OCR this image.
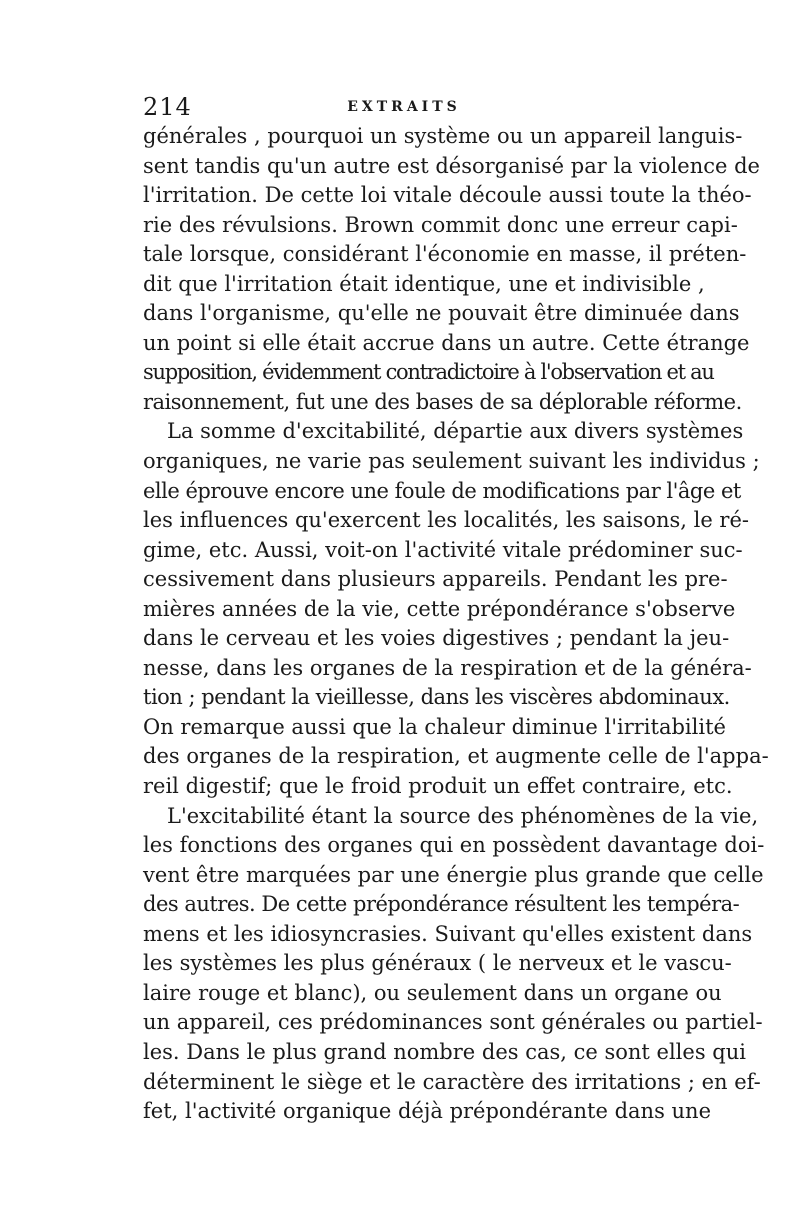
214	EXTRAITS
générales , pourquoi un système ou un appareil languis-
sent tandis qu'un autre est désorganisé par la violence de
l'irritation. De cette loi vitale découle aussi toute la théo-
rie des révulsions. Brown commit donc une erreur capi-
tale lorsque, considérant l'économie en masse, il préten-
dit que l'irritation était identique, une et indivisible ,
dans l'organisme, qu'elle ne pouvait être diminuée dans
un point si elle était accrue dans un autre. Cette étrange
supposition, évidemment contradictoire à l'observation et au
raisonnement, fut une des bases de sa déplorable réforme.
La somme d'excitabilité, départie aux divers systèmes
organiques, ne varie pas seulement suivant les individus ;
elle éprouve encore une foule de modifications par l'âge et
les influences qu'exercent les localités, les saisons, le ré-
gime, etc. Aussi, voit-on l'activité vitale prédominer suc-
cessivement dans plusieurs appareils. Pendant les pre-
mières années de la vie, cette prépondérance s'observe
dans le cerveau et les voies digestives ; pendant la jeu-
nesse, dans les organes de la respiration et de la généra-
tion ; pendant la vieillesse, dans les viscères abdominaux.
On remarque aussi que la chaleur diminue l'irritabilité
des organes de la respiration, et augmente celle de l'appa-
reil digestif; que le froid produit un effet contraire, etc.
L'excitabilité étant la source des phénomènes de la vie,
les fonctions des organes qui en possèdent davantage doi-
vent être marquées par une énergie plus grande que celle
des autres. De cette prépondérance résultent les tempéra-
mens et les idiosyncrasies. Suivant qu'elles existent dans
les systèmes les plus généraux ( le nerveux et le vascu-
laire rouge et blanc), ou seulement dans un organe ou
un appareil, ces prédominances sont générales ou partiel-
les. Dans le plus grand nombre des cas, ce sont elles qui
déterminent le siège et le caractère des irritations ; en ef-
fet, l'activité organique déjà prépondérante dans une
